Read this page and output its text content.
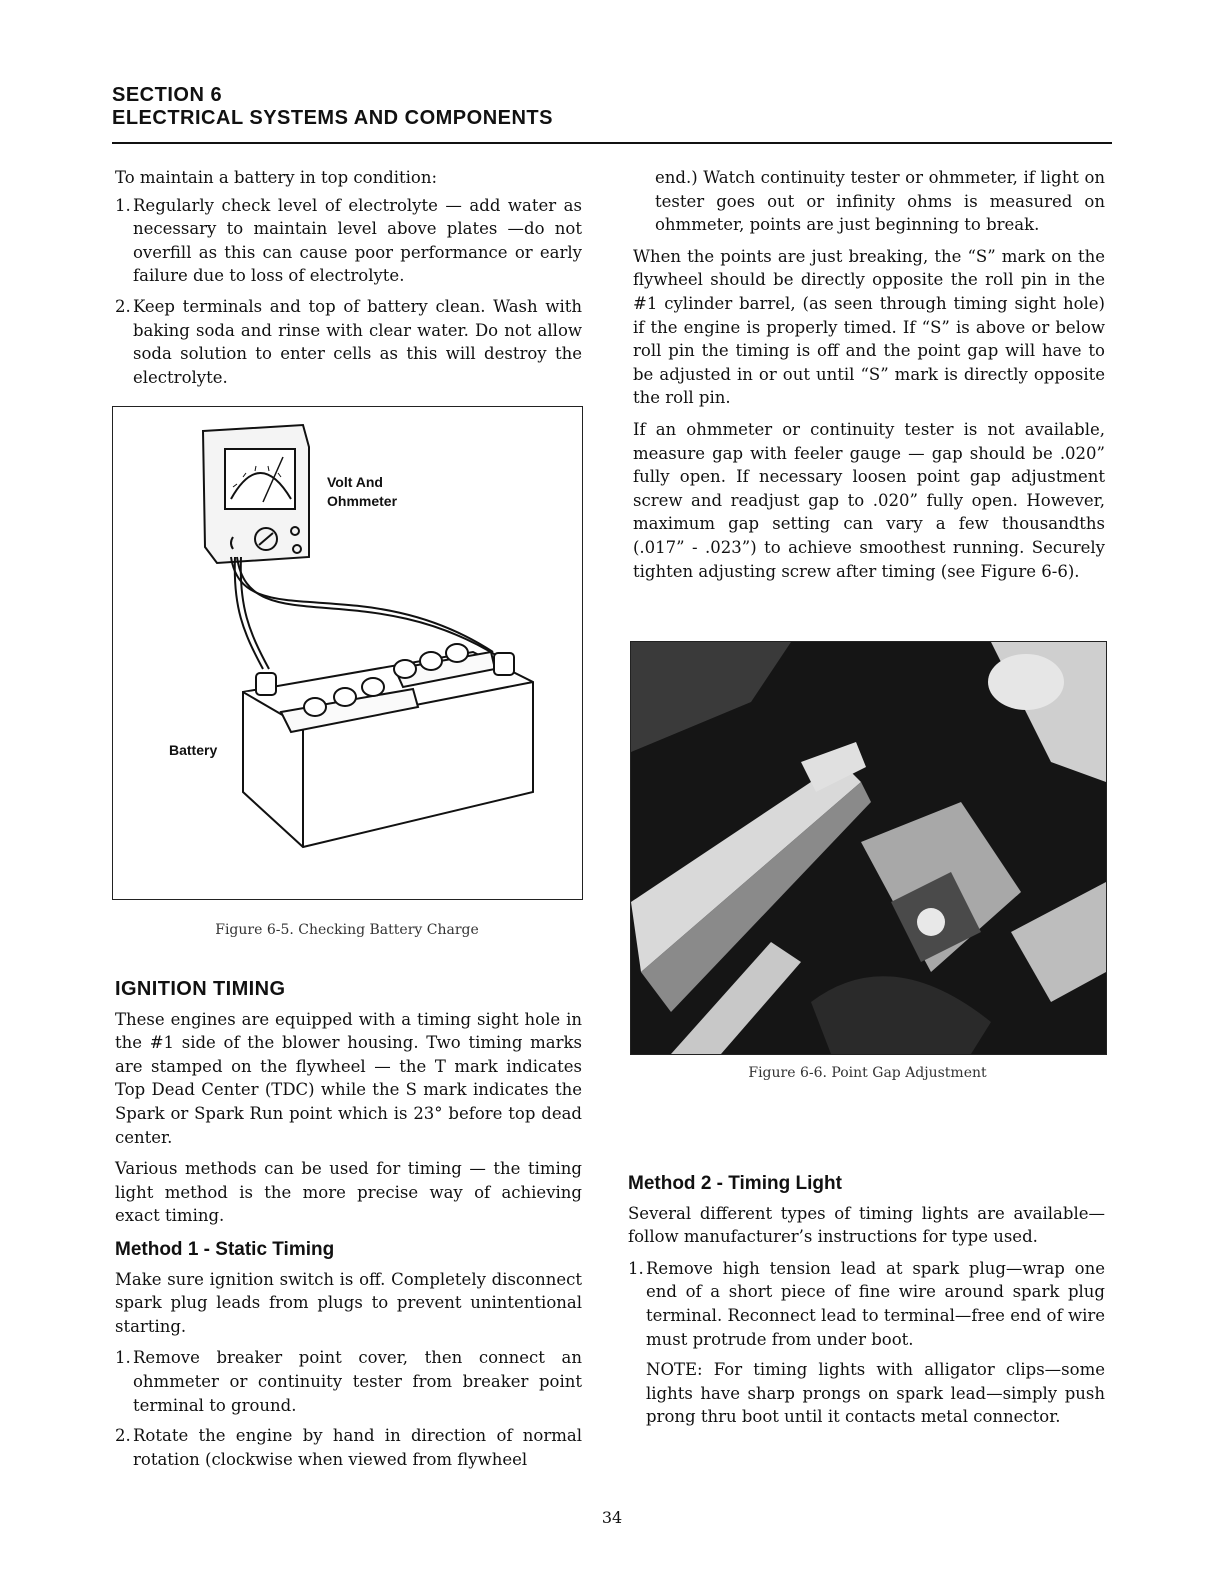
SECTION 6
ELECTRICAL SYSTEMS AND COMPONENTS

To maintain a battery in top condition:

1. Regularly check level of electrolyte — add water as necessary to maintain level above plates —do not overfill as this can cause poor performance or early failure due to loss of electrolyte.
2. Keep terminals and top of battery clean. Wash with baking soda and rinse with clear water. Do not allow soda solution to enter cells as this will destroy the electrolyte.
Volt And Ohmmeter
Battery
Figure 6-5. Checking Battery Charge
IGNITION TIMING

These engines are equipped with a timing sight hole in the #1 side of the blower housing. Two timing marks are stamped on the flywheel — the T mark indicates Top Dead Center (TDC) while the S mark indicates the Spark or Spark Run point which is 23° before top dead center.

Various methods can be used for timing — the timing light method is the more precise way of achieving exact timing.

Method 1 - Static Timing

Make sure ignition switch is off. Completely disconnect spark plug leads from plugs to prevent unintentional starting.

1. Remove breaker point cover, then connect an ohmmeter or continuity tester from breaker point terminal to ground.
2. Rotate the engine by hand in direction of normal rotation (clockwise when viewed from flywheel

end.) Watch continuity tester or ohmmeter, if light on tester goes out or infinity ohms is measured on ohmmeter, points are just beginning to break.

When the points are just breaking, the “S” mark on the flywheel should be directly opposite the roll pin in the #1 cylinder barrel, (as seen through timing sight hole) if the engine is properly timed. If “S” is above or below roll pin the timing is off and the point gap will have to be adjusted in or out until “S” mark is directly opposite the roll pin.

If an ohmmeter or continuity tester is not available, measure gap with feeler gauge — gap should be .020” fully open. If necessary loosen point gap adjustment screw and readjust gap to .020” fully open. However, maximum gap setting can vary a few thousandths (.017” - .023”) to achieve smoothest running. Securely tighten adjusting screw after timing (see Figure 6-6).

Figure 6-6. Point Gap Adjustment
Method 2 - Timing Light

Several different types of timing lights are available—follow manufacturer’s instructions for type used.

1. Remove high tension lead at spark plug—wrap one end of a short piece of fine wire around spark plug terminal. Reconnect lead to terminal—free end of wire must protrude from under boot.

NOTE: For timing lights with alligator clips—some lights have sharp prongs on spark lead—simply push prong thru boot until it contacts metal connector.

34
